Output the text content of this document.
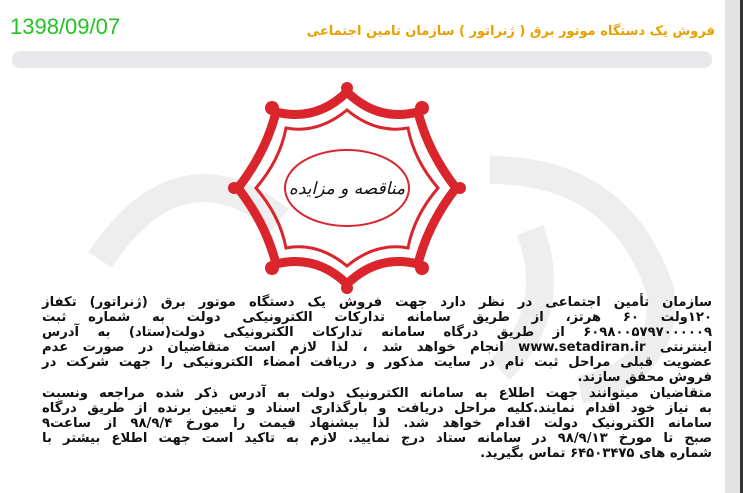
1398/09/07	فروش یک دستگاه موتور برق ( ژنراتور ) سازمان تامین اجتماعی
مناقصه و مزایده
سازمان تأمین اجتماعی در نظر دارد جهت فروش یک دستگاه موتور برق (ژنراتور) تکفاز
۱۲۰ولت ۶۰ هرتز، از طریق سامانه تدارکات الکترونیکی دولت به شماره ثبت
۶۰۹۸۰۰۵۷۹۷۰۰۰۰۰۹ از طریق درگاه سامانه تدارکات الکترونیکی دولت(ستاد) به آدرس
اینترنتی www.setadiran.ir انجام خواهد شد ، لذا لازم است متقاضیان در صورت عدم
عضویت قبلی مراحل ثبت نام در سایت مذکور و دریافت امضاء الکترونیکی را جهت شرکت در
فروش محقق سازند.
متقاضیان میتوانند جهت اطلاع به سامانه الکترونیک دولت به آدرس ذکر شده مراجعه ونسبت
به نیاز خود اقدام نمایند.کلیه مراحل دریافت و بارگذاری اسناد و تعیین برنده از طریق درگاه
سامانه الکترونیک دولت اقدام خواهد شد. لذا بیشنهاد قیمت را مورخ ۹۸/۹/۴ از ساعت۹
صبح تا مورخ ۹۸/۹/۱۳ در سامانه ستاد درج نمایید. لازم به تاکید است جهت اطلاع بیشتر با
شماره های ۶۴۵۰۳۴۷۵ تماس بگیرید.
